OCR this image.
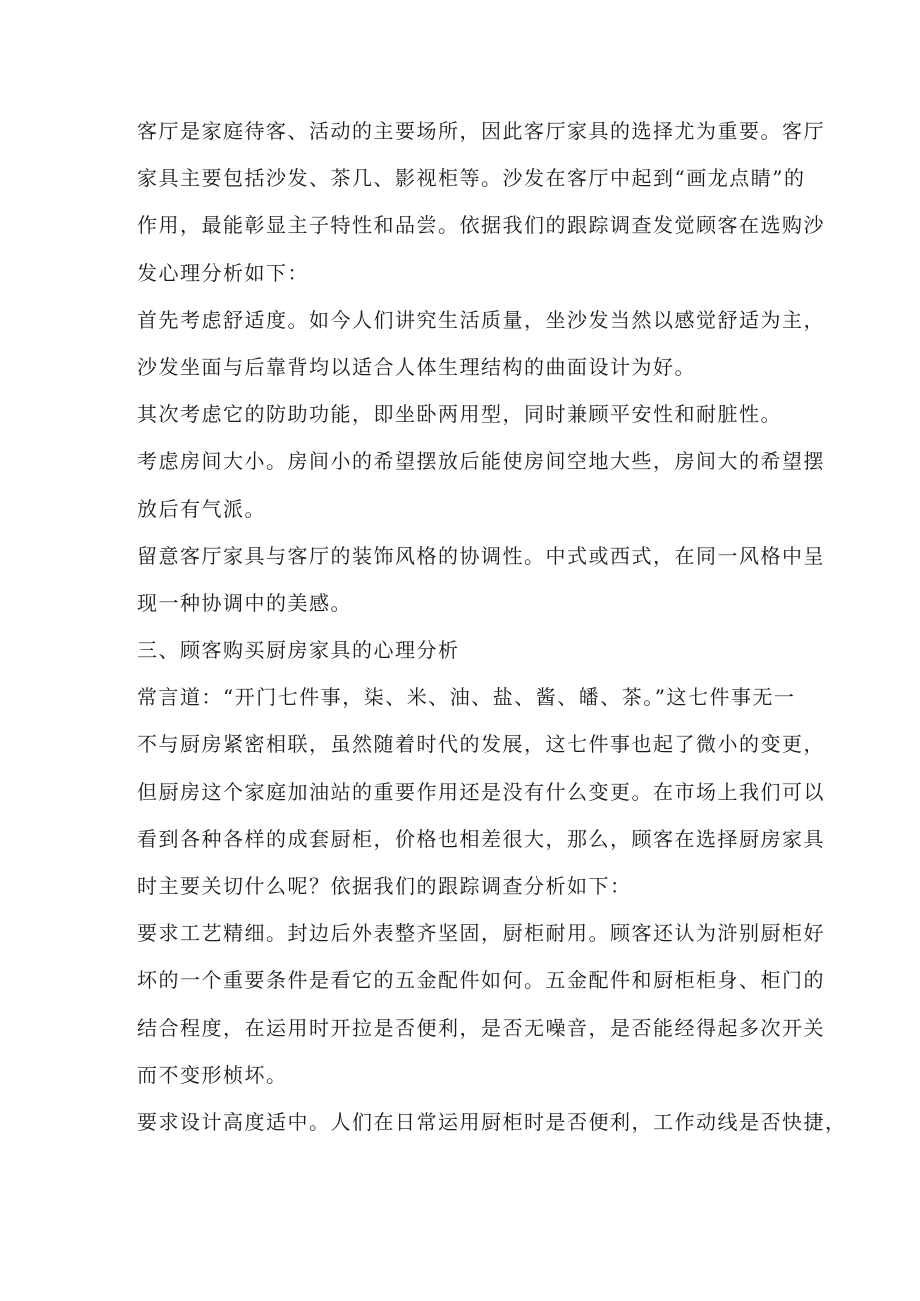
客厅是家庭待客、活动的主要场所，因此客厅家具的选择尤为重要。客厅
家具主要包括沙发、茶几、影视柜等。沙发在客厅中起到“画龙点睛”的
作用，最能彰显主子特性和品尝。依据我们的跟踪调查发觉顾客在选购沙
发心理分析如下：
首先考虑舒适度。如今人们讲究生活质量，坐沙发当然以感觉舒适为主，
沙发坐面与后靠背均以适合人体生理结构的曲面设计为好。
其次考虑它的防助功能，即坐卧两用型，同时兼顾平安性和耐脏性。
考虑房间大小。房间小的希望摆放后能使房间空地大些，房间大的希望摆
放后有气派。
留意客厅家具与客厅的装饰风格的协调性。中式或西式，在同一风格中呈
现一种协调中的美感。
三、顾客购买厨房家具的心理分析
常言道：“开门七件事，柒、米、油、盐、酱、皤、茶。”这七件事无一
不与厨房紧密相联，虽然随着时代的发展，这七件事也起了微小的变更，
但厨房这个家庭加油站的重要作用还是没有什么变更。在市场上我们可以
看到各种各样的成套厨柜，价格也相差很大，那么，顾客在选择厨房家具
时主要关切什么呢？依据我们的跟踪调查分析如下：
要求工艺精细。封边后外表整齐坚固，厨柜耐用。顾客还认为浒别厨柜好
坏的一个重要条件是看它的五金配件如何。五金配件和厨柜柜身、柜门的
结合程度，在运用时开拉是否便利，是否无噪音，是否能经得起多次开关
而不变形桢坏。
要求设计高度适中。人们在日常运用厨柜时是否便利，工作动线是否快捷，
